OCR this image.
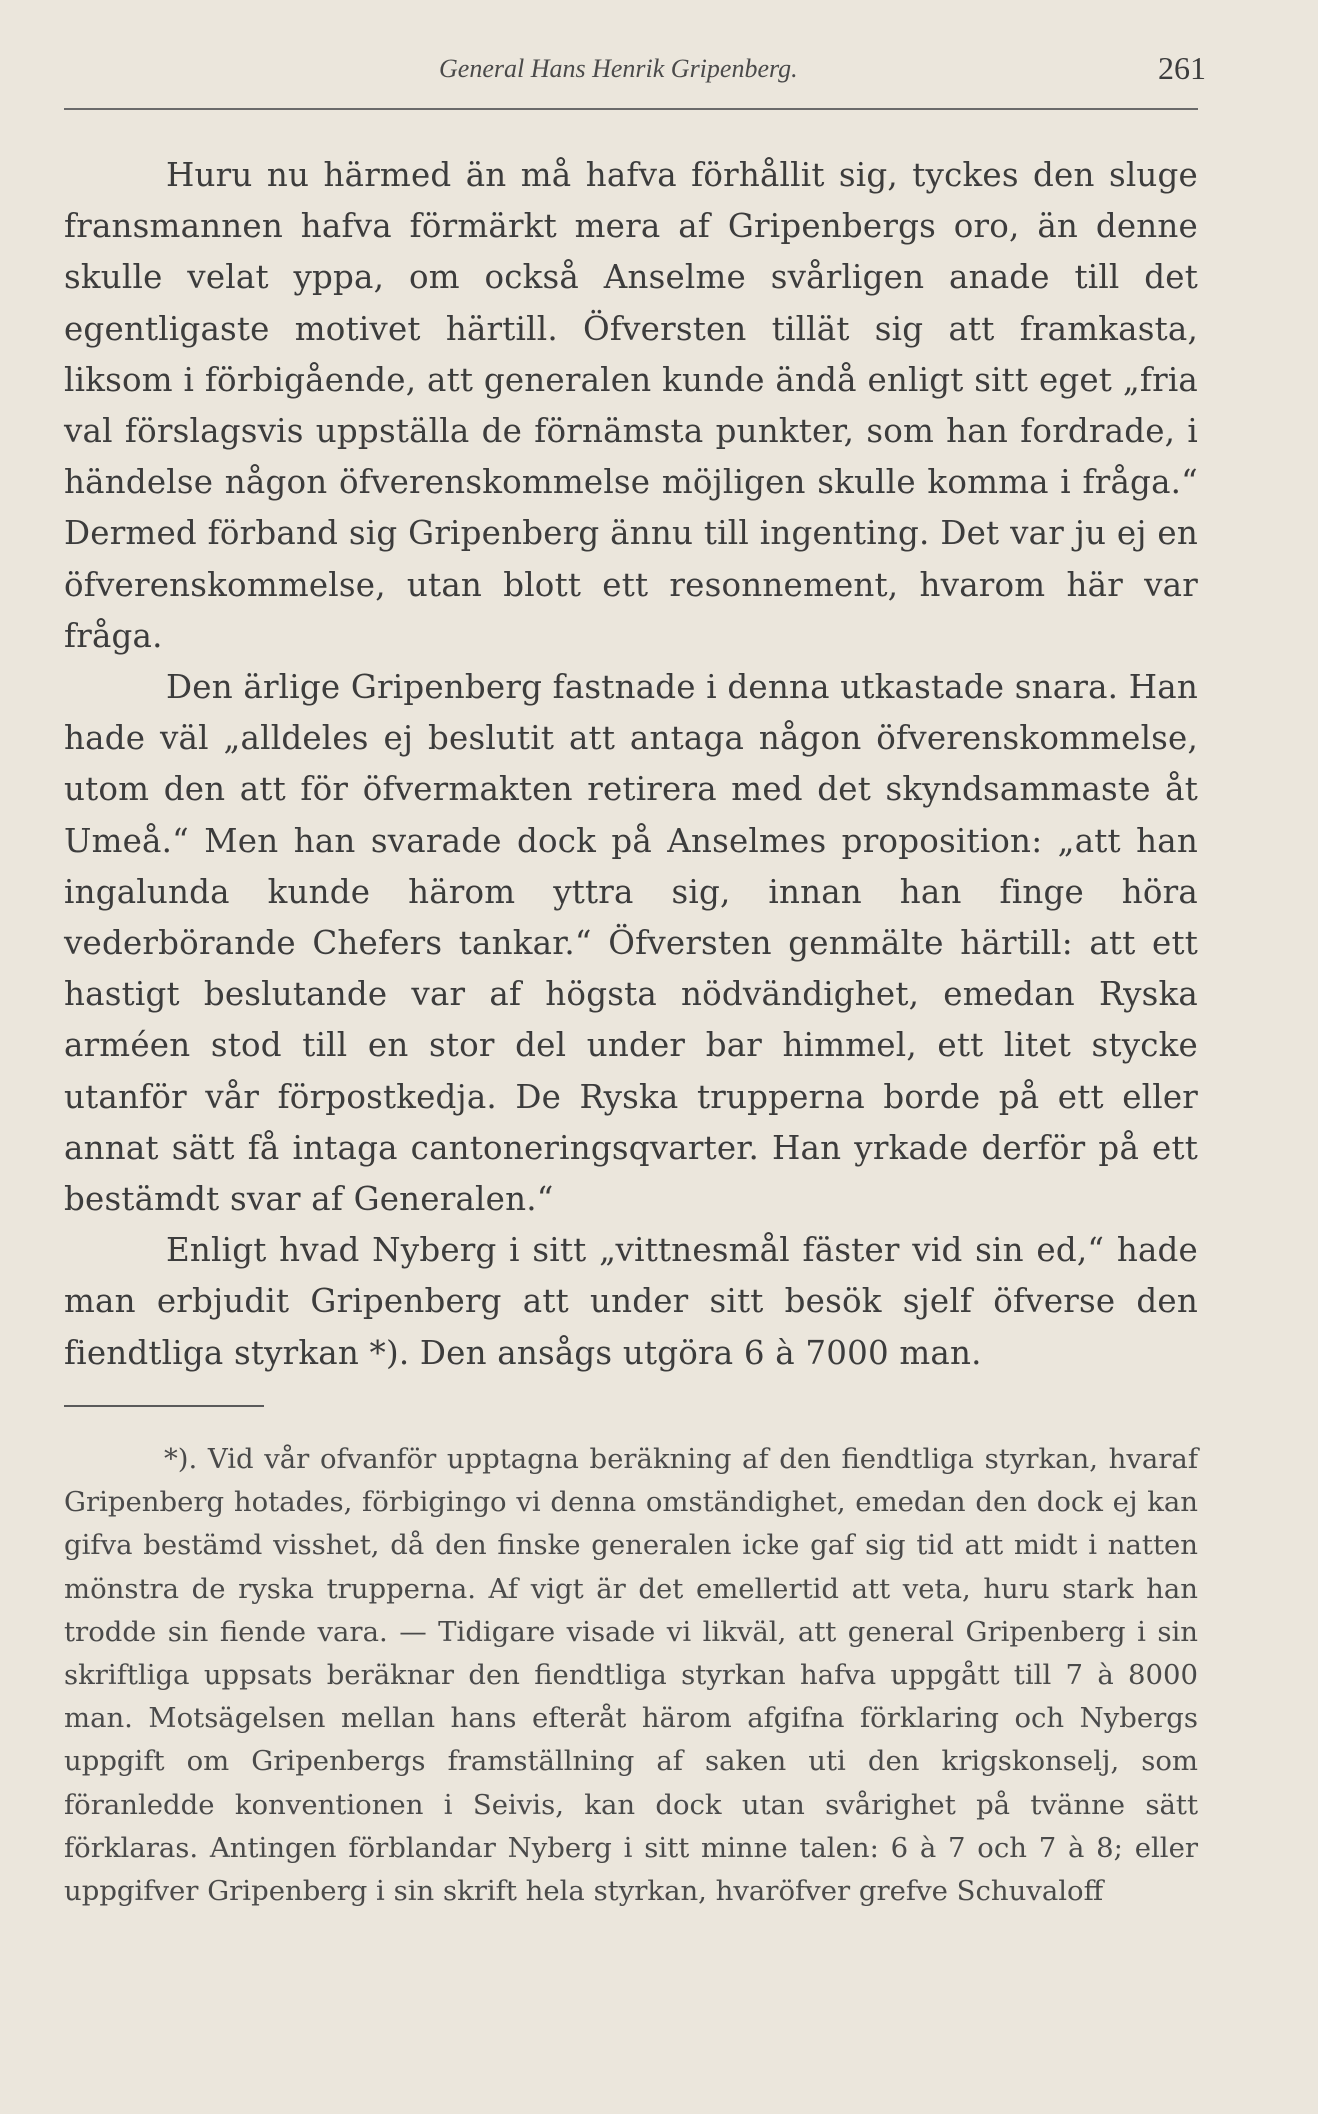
General Hans Henrik Gripenberg.	261

Huru nu härmed än må hafva förhållit sig, tyckes den sluge fransmannen hafva förmärkt mera af Gripenbergs oro, än denne skulle velat yppa, om också Anselme svårligen anade till det egentligaste motivet härtill. Öfversten tillät sig att framkasta, liksom i förbigående, att generalen kunde ändå enligt sitt eget „fria val förslagsvis uppställa de förnämsta punkter, som han fordrade, i händelse någon öfverenskommelse möjligen skulle komma i fråga.“ Dermed förband sig Gripenberg ännu till ingenting. Det var ju ej en öfverenskommelse, utan blott ett resonnement, hvarom här var fråga.

Den ärlige Gripenberg fastnade i denna utkastade snara. Han hade väl „alldeles ej beslutit att antaga någon öfverenskommelse, utom den att för öfvermakten retirera med det skyndsammaste åt Umeå.“ Men han svarade dock på Anselmes proposition: „att han ingalunda kunde härom yttra sig, innan han finge höra vederbörande Chefers tankar.“ Öfversten genmälte härtill: att ett hastigt beslutande var af högsta nödvändighet, emedan Ryska arméen stod till en stor del under bar himmel, ett litet stycke utanför vår förpostkedja. De Ryska trupperna borde på ett eller annat sätt få intaga cantoneringsqvarter. Han yrkade derför på ett bestämdt svar af Generalen.“

Enligt hvad Nyberg i sitt „vittnesmål fäster vid sin ed,“ hade man erbjudit Gripenberg att under sitt besök sjelf öfverse den fiendtliga styrkan *). Den ansågs utgöra 6 à 7000 man.

*). Vid vår ofvanför upptagna beräkning af den fiendtliga styrkan, hvaraf Gripenberg hotades, förbigingo vi denna omständighet, emedan den dock ej kan gifva bestämd visshet, då den finske generalen icke gaf sig tid att midt i natten mönstra de ryska trupperna. Af vigt är det emellertid att veta, huru stark han trodde sin fiende vara. — Tidigare visade vi likväl, att general Gripenberg i sin skriftliga uppsats beräknar den fiendtliga styrkan hafva uppgått till 7 à 8000 man. Motsägelsen mellan hans efteråt härom afgifna förklaring och Nybergs uppgift om Gripenbergs framställning af saken uti den krigskonselj, som föranledde konventionen i Seivis, kan dock utan svårighet på tvänne sätt förklaras. Antingen förblandar Nyberg i sitt minne talen: 6 à 7 och 7 à 8; eller uppgifver Gripenberg i sin skrift hela styrkan, hvaröfver grefve Schuvaloff
